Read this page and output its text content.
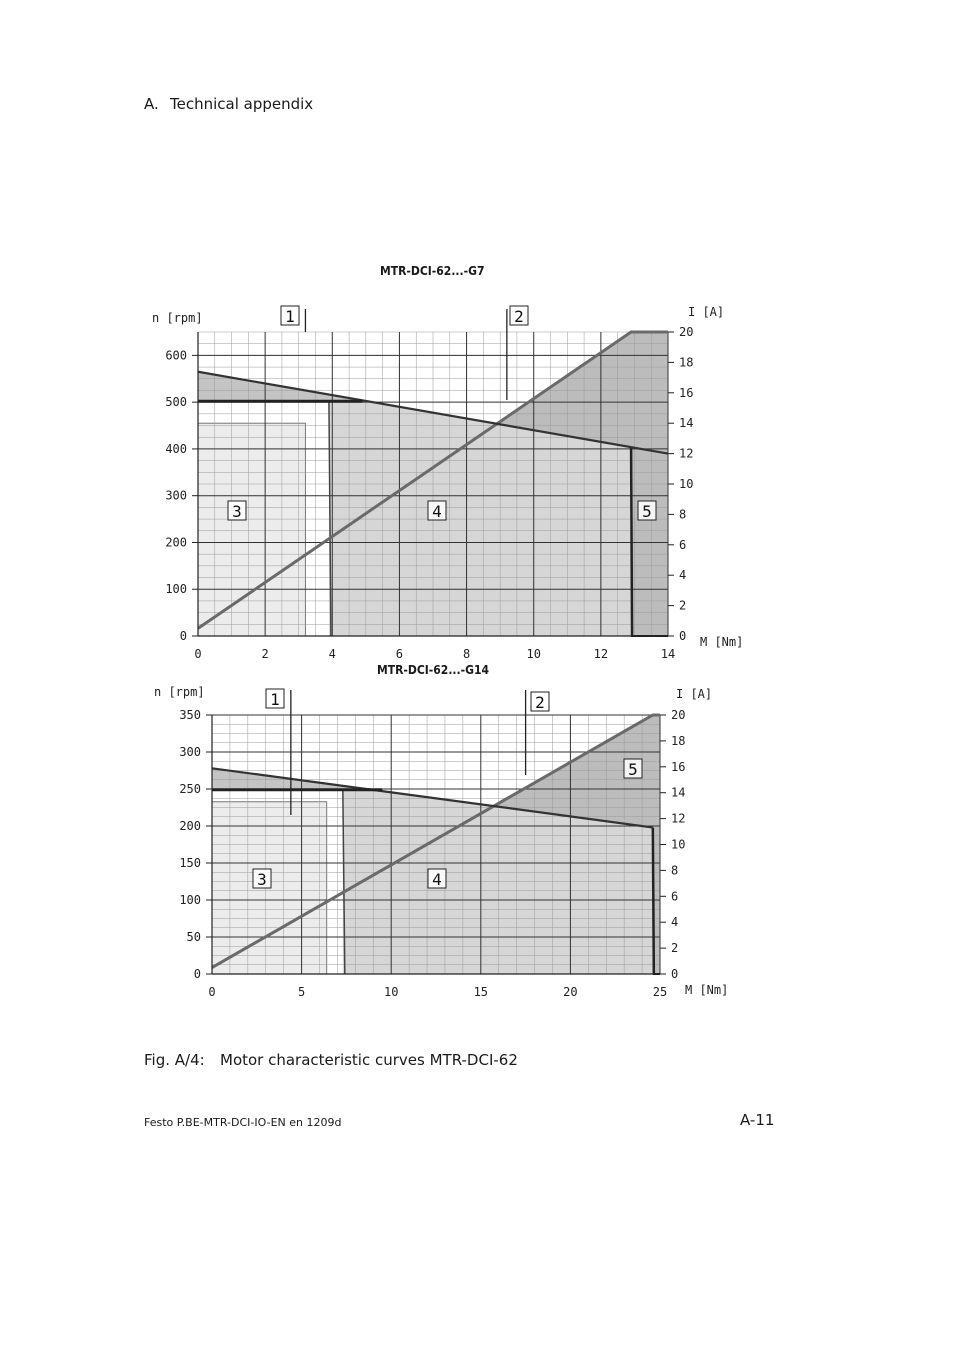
A. Technical appendix
MTR-DCI-62...-G7
MTR-DCI-62...-G14
0	2	4	6	8	10	12	14
0
100
200
300
400
500
600
0
2
4
6
8
10
12
14
16
18
20
n [rpm]	I [A]
M [Nm]
1	2
3	4	5
0	5	10	15	20	25
0
50
100
150
200
250
300
350
0
2
4
6
8
10
12
14
16
18
20
n [rpm]	I [A]
M [Nm]
1	2
3	4
5
Fig. A/4: Motor characteristic curves MTR-DCI-62
Festo P.BE-MTR-DCI-IO-EN en 1209d	A-11
